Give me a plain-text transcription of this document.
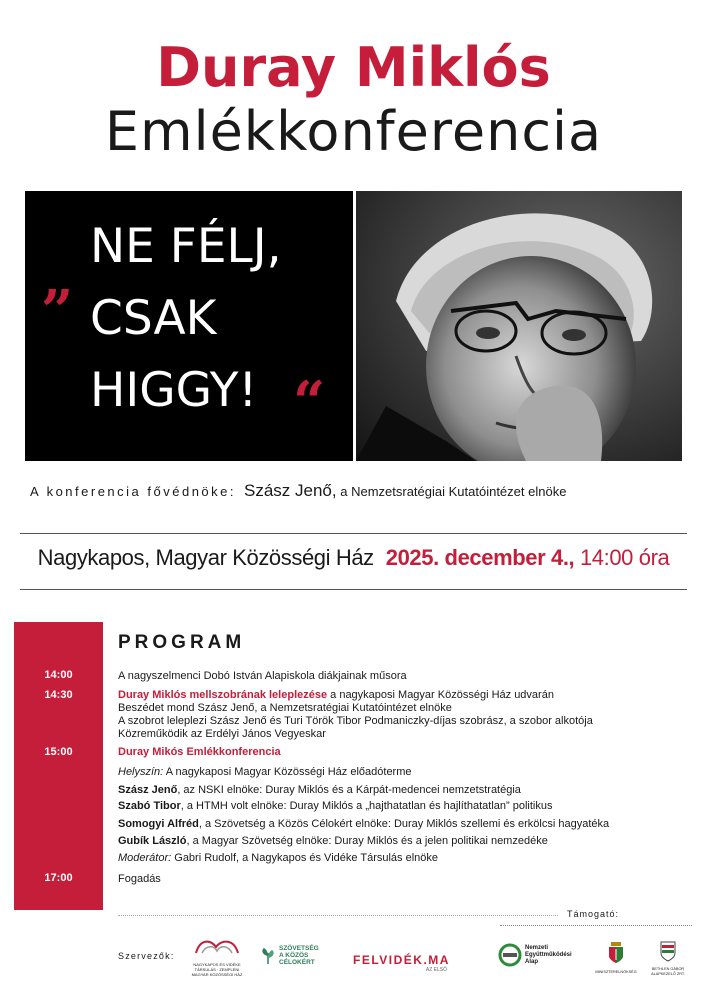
Duray Miklós
Emlékkonferencia
„ NE FÉLJ,
CSAK
HIGGY! “
A konferencia fővédnöke: Szász Jenő, a Nemzetsratégiai Kutatóintézet elnöke
Nagykapos, Magyar Közösségi Ház 2025. december 4., 14:00 óra
14:00
14:30
15:00
17:00
PROGRAM
A nagyszelmenci Dobó István Alapiskola diákjainak műsora
Duray Miklós mellszobrának leleplezése a nagykaposi Magyar Közösségi Ház udvarán
Beszédet mond Szász Jenő, a Nemzetsratégiai Kutatóintézet elnöke
A szobrot leleplezi Szász Jenő és Turi Török Tibor Podmaniczky-díjas szobrász, a szobor alkotója
Közreműködik az Erdélyi János Vegyeskar
Duray Mikós Emlékkonferencia
Helyszín: A nagykaposi Magyar Közösségi Ház előadóterme
Szász Jenő, az NSKI elnöke: Duray Miklós és a Kárpát-medencei nemzetstratégia
Szabó Tibor, a HTMH volt elnöke: Duray Miklós a „hajthatatlan és hajlíthatatlan” politikus
Somogyi Alfréd, a Szövetség a Közös Célokért elnöke: Duray Miklós szellemi és erkölcsi hagyatéka
Gubík László, a Magyar Szövetség elnöke: Duray Miklós és a jelen politikai nemzedéke
Moderátor: Gabri Rudolf, a Nagykapos és Vidéke Társulás elnöke
Fogadás
Támogató:
Szervezők:
NAGYKAPOS ÉS VIDÉKE TÁRSULÁS · ZEMPLÉNI MAGYAR KÖZÖSSÉGI HÁZ
SZÖVETSÉG
A KÖZÖS
CÉLOKÉRT	FELVIDÉK.MA
AZ ELSŐ
Nemzeti
Együttműködési
Alap
MINISZTERELNÖKSÉG
BETHLEN GÁBOR ALAPKEZELŐ ZRT.
